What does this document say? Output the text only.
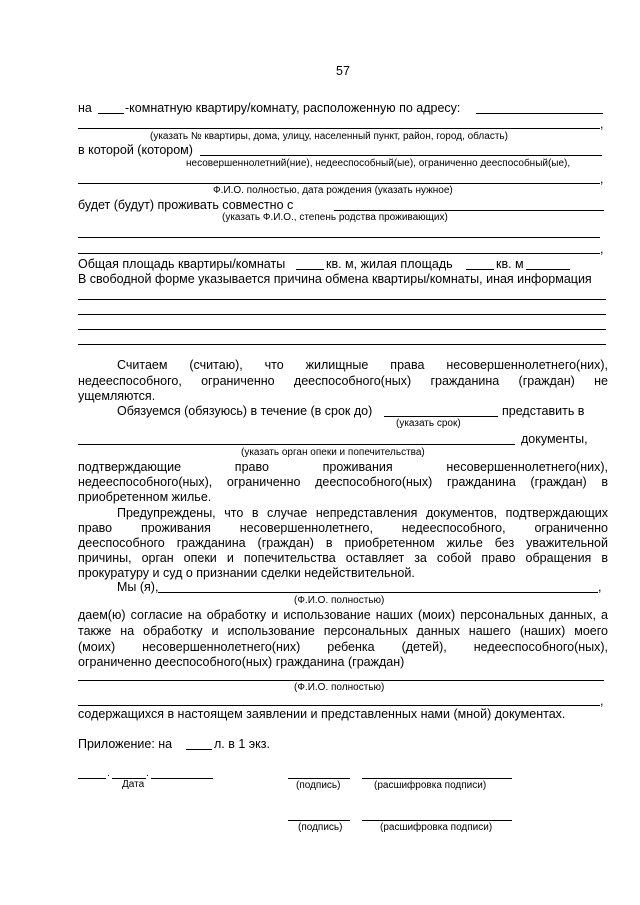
57
на	-комнатную квартиру/комнату, расположенную по адресу:
,
(указать № квартиры, дома, улицу, населенный пункт, район, город, область)
в которой (котором)
несовершеннолетний(ние), недееспособный(ые), ограниченно дееспособный(ые),
,
Ф.И.О. полностью, дата рождения (указать нужное)
будет (будут) проживать совместно с
(указать Ф.И.О., степень родства проживающих)
,
Общая площадь квартиры/комнаты	кв. м, жилая площадь	кв. м
В свободной форме указывается причина обмена квартиры/комнаты, иная информация
Считаем (считаю), что жилищные права несовершеннолетнего(них),
недееспособного, ограниченно дееспособного(ных) гражданина (граждан) не
ущемляются.
Обязуемся (обязуюсь) в течение (в срок до)	представить в
(указать срок)
документы,
(указать орган опеки и попечительства)
подтверждающие	право	проживания	несовершеннолетнего(них),
недееспособного(ных), ограниченно дееспособного(ных) гражданина (граждан) в
приобретенном жилье.
Предупреждены, что в случае непредставления документов, подтверждающих
право проживания несовершеннолетнего, недееспособного, ограниченно
дееспособного гражданина (граждан) в приобретенном жилье без уважительной
причины, орган опеки и попечительства оставляет за собой право обращения в
прокуратуру и суд о признании сделки недействительной.
Мы (я),	,
(Ф.И.О. полностью)
даем(ю) согласие на обработку и использование наших (моих) персональных данных, а
также на обработку и использование персональных данных нашего (наших) моего
(моих) несовершеннолетнего(них) ребенка (детей), недееспособного(ных),
ограниченно дееспособного(ных) гражданина (граждан)
(Ф.И.О. полностью)
,
содержащихся в настоящем заявлении и представленных нами (мной) документах.
Приложение: на	л. в 1 экз.
.	.
Дата	(подпись)	(расшифровка подписи)
(подпись)	(расшифровка подписи)
